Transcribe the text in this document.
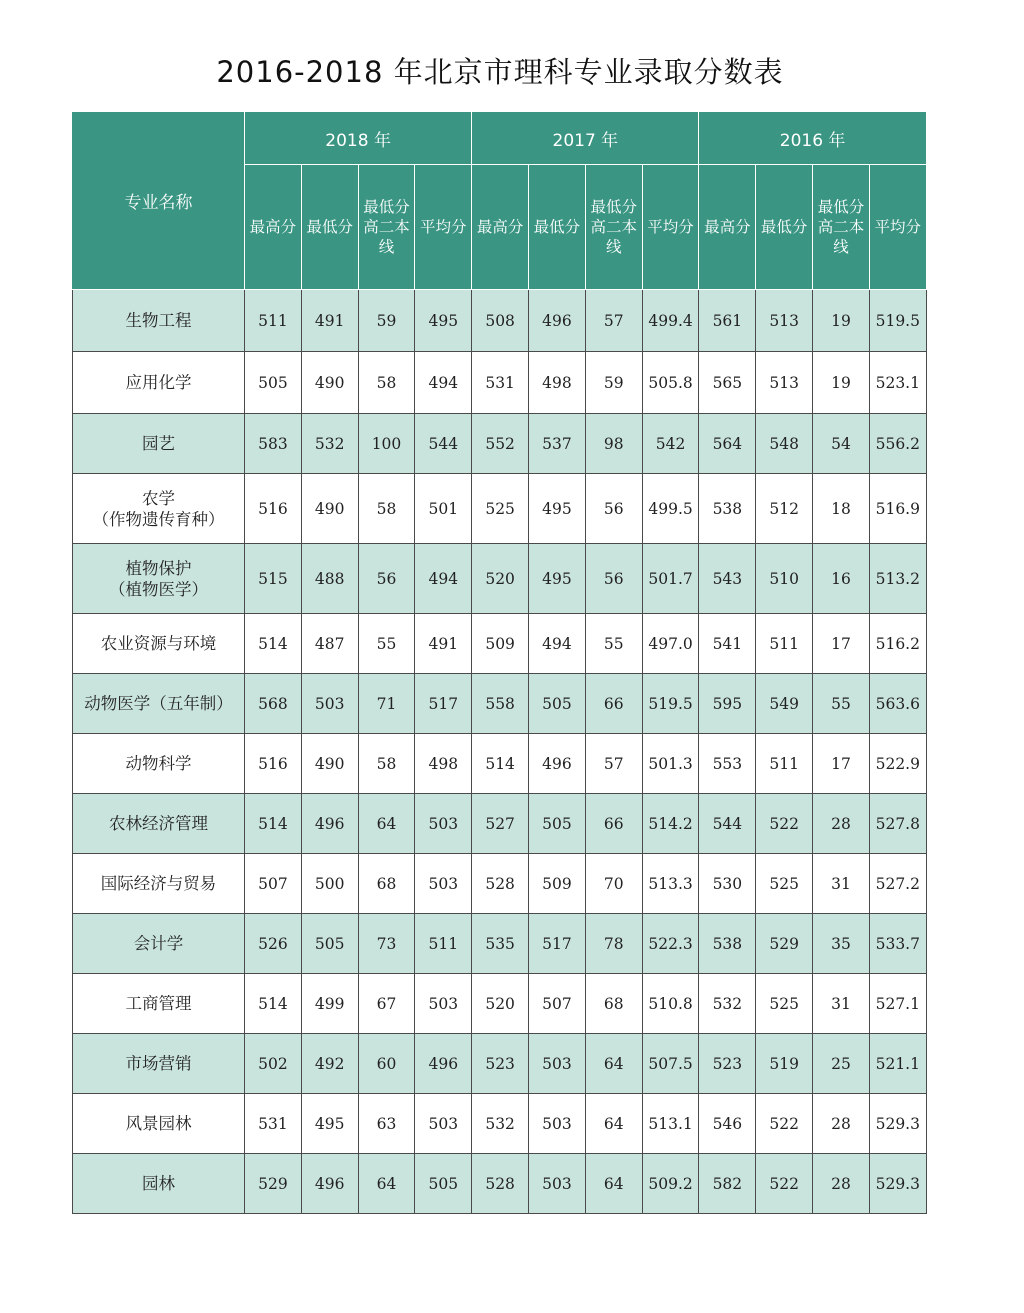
2016-2018 年北京市理科专业录取分数表
专业名称	2018 年				2017 年				2016 年			
	最高分	最低分	最低分高二本线	平均分	最高分	最低分	最低分高二本线	平均分	最高分	最低分	最低分高二本线	平均分
生物工程	511	491	59	495	508	496	57	499.4	561	513	19	519.5
应用化学	505	490	58	494	531	498	59	505.8	565	513	19	523.1
园艺	583	532	100	544	552	537	98	542	564	548	54	556.2
农学
（作物遗传育种）	516	490	58	501	525	495	56	499.5	538	512	18	516.9
植物保护
（植物医学）	515	488	56	494	520	495	56	501.7	543	510	16	513.2
农业资源与环境	514	487	55	491	509	494	55	497.0	541	511	17	516.2
动物医学（五年制）	568	503	71	517	558	505	66	519.5	595	549	55	563.6
动物科学	516	490	58	498	514	496	57	501.3	553	511	17	522.9
农林经济管理	514	496	64	503	527	505	66	514.2	544	522	28	527.8
国际经济与贸易	507	500	68	503	528	509	70	513.3	530	525	31	527.2
会计学	526	505	73	511	535	517	78	522.3	538	529	35	533.7
工商管理	514	499	67	503	520	507	68	510.8	532	525	31	527.1
市场营销	502	492	60	496	523	503	64	507.5	523	519	25	521.1
风景园林	531	495	63	503	532	503	64	513.1	546	522	28	529.3
园林	529	496	64	505	528	503	64	509.2	582	522	28	529.3
